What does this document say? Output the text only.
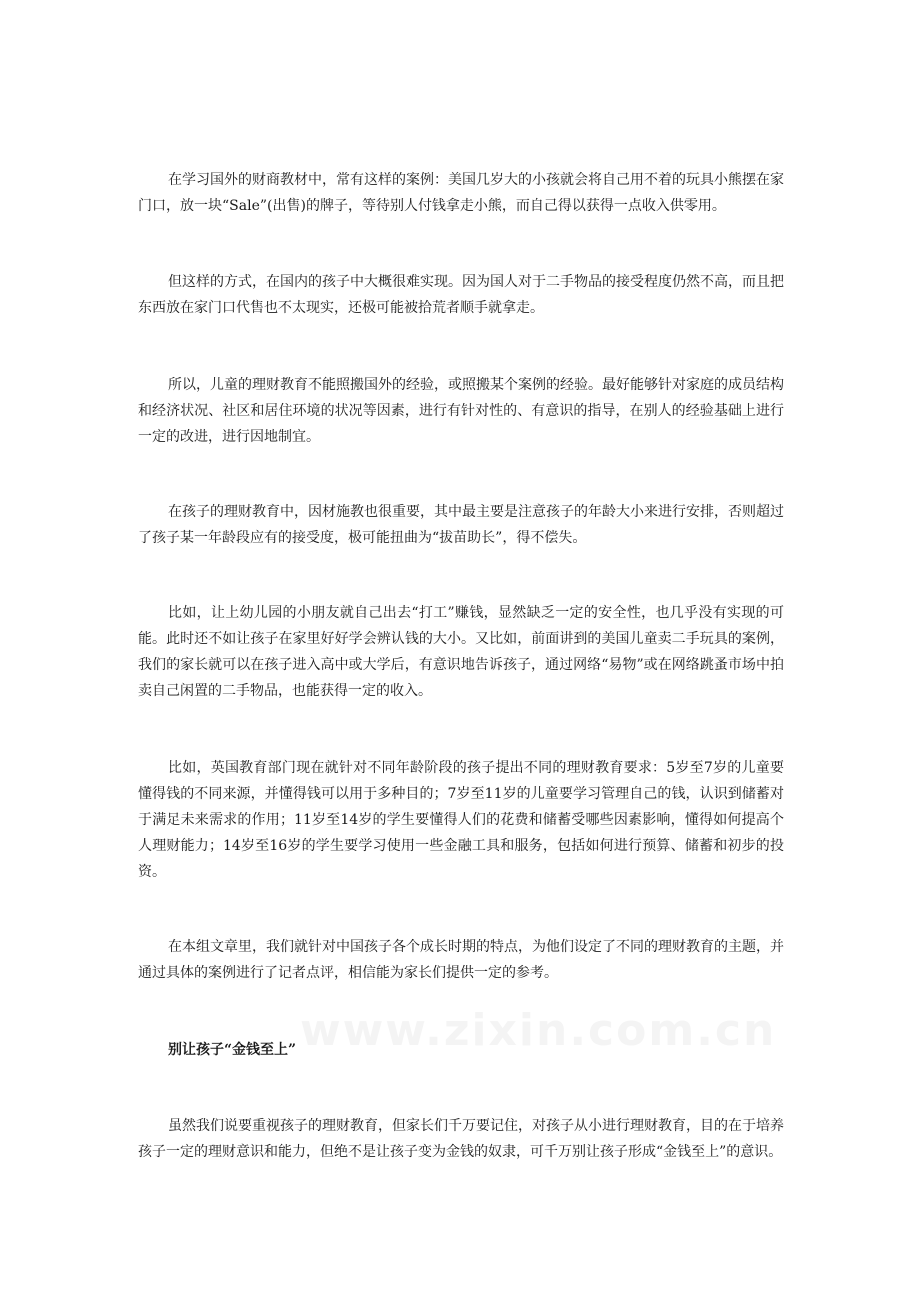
在学习国外的财商教材中，常有这样的案例：美国几岁大的小孩就会将自己用不着的玩具小熊摆在家门口，放一块“Sale”(出售)的牌子，等待别人付钱拿走小熊，而自己得以获得一点收入供零用。

但这样的方式，在国内的孩子中大概很难实现。因为国人对于二手物品的接受程度仍然不高，而且把东西放在家门口代售也不太现实，还极可能被拾荒者顺手就拿走。

所以，儿童的理财教育不能照搬国外的经验，或照搬某个案例的经验。最好能够针对家庭的成员结构和经济状况、社区和居住环境的状况等因素，进行有针对性的、有意识的指导，在别人的经验基础上进行一定的改进，进行因地制宜。

在孩子的理财教育中，因材施教也很重要，其中最主要是注意孩子的年龄大小来进行安排，否则超过了孩子某一年龄段应有的接受度，极可能扭曲为“拔苗助长”，得不偿失。

比如，让上幼儿园的小朋友就自己出去“打工”赚钱，显然缺乏一定的安全性，也几乎没有实现的可能。此时还不如让孩子在家里好好学会辨认钱的大小。又比如，前面讲到的美国儿童卖二手玩具的案例，我们的家长就可以在孩子进入高中或大学后，有意识地告诉孩子，通过网络“易物”或在网络跳蚤市场中拍卖自己闲置的二手物品，也能获得一定的收入。

比如，英国教育部门现在就针对不同年龄阶段的孩子提出不同的理财教育要求：5岁至7岁的儿童要懂得钱的不同来源，并懂得钱可以用于多种目的；7岁至11岁的儿童要学习管理自己的钱，认识到储蓄对于满足未来需求的作用；11岁至14岁的学生要懂得人们的花费和储蓄受哪些因素影响，懂得如何提高个人理财能力；14岁至16岁的学生要学习使用一些金融工具和服务，包括如何进行预算、储蓄和初步的投资。

在本组文章里，我们就针对中国孩子各个成长时期的特点，为他们设定了不同的理财教育的主题，并通过具体的案例进行了记者点评，相信能为家长们提供一定的参考。

别让孩子“金钱至上”

虽然我们说要重视孩子的理财教育，但家长们千万要记住，对孩子从小进行理财教育，目的在于培养孩子一定的理财意识和能力，但绝不是让孩子变为金钱的奴隶，可千万别让孩子形成“金钱至上”的意识。

www.zixin.com.cn
